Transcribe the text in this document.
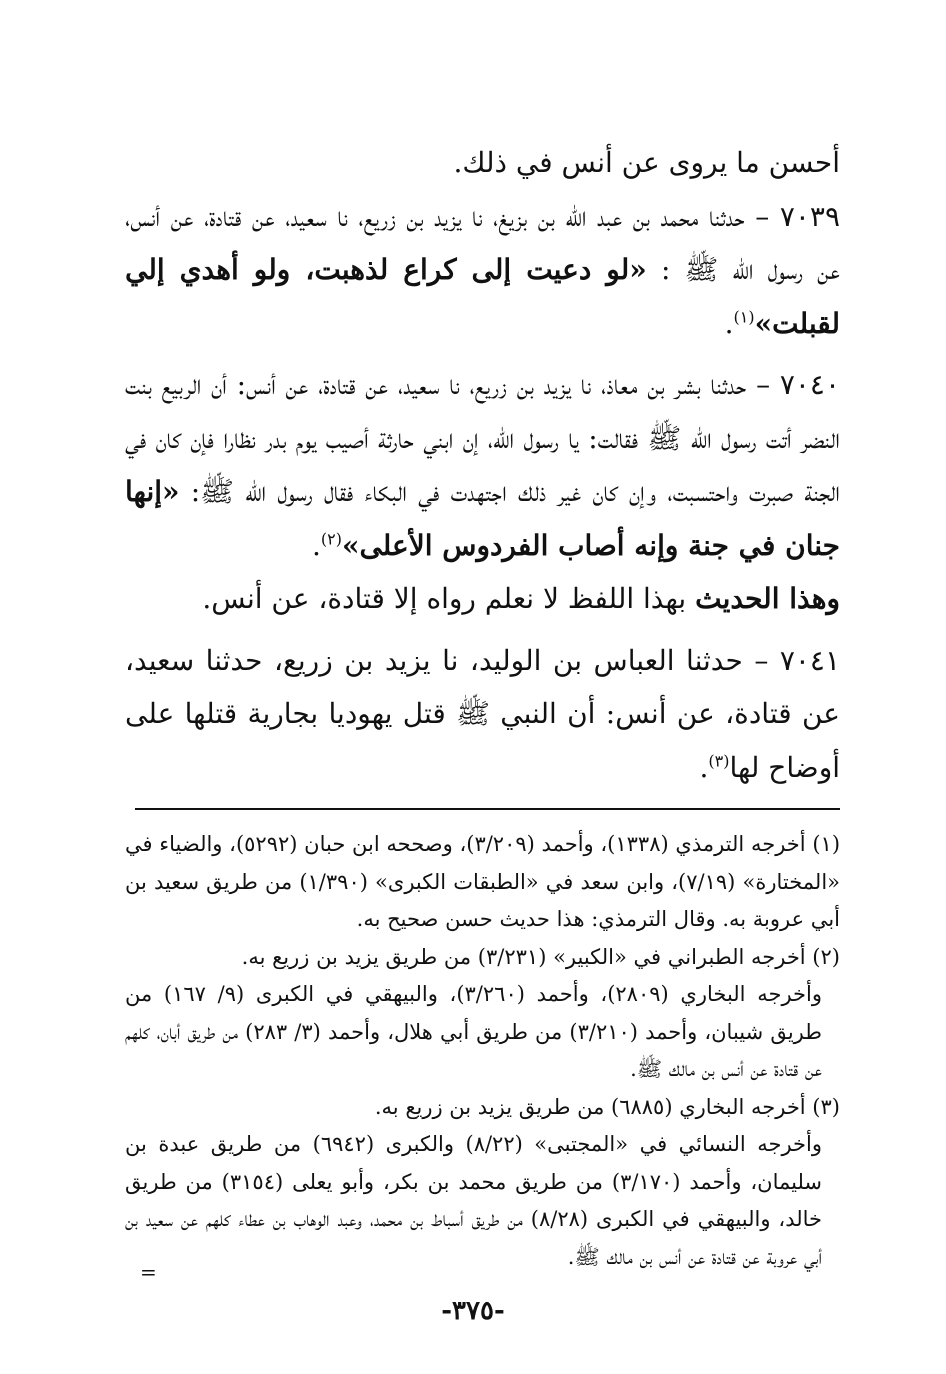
أحسن ما يروى عن أنس في ذلك.

٧٠٣٩ – حدثنا محمد بن عبد الله بن بزيغ، نا يزيد بن زريع، نا سعيد، عن قتادة، عن أنس، عن رسول الله ﷺ : «لو دعيت إلى كراع لذهبت، ولو أهدي إلي لقبلت»$^{(١)}$.

٧٠٤٠ – حدثنا بشر بن معاذ، نا يزيد بن زريع، نا سعيد، عن قتادة، عن أنس: أن الربيع بنت النضر أتت رسول الله ﷺ فقالت: يا رسول الله، إن ابني حارثة أصيب يوم بدر نظارا فإن كان في الجنة صبرت واحتسبت، وإن كان غير ذلك اجتهدت في البكاء فقال رسول الله ﷺ: «إنها جنان في جنة وإنه أصاب الفردوس الأعلى»$^{(٢)}$.

وهذا الحديث بهذا اللفظ لا نعلم رواه إلا قتادة، عن أنس.

٧٠٤١ – حدثنا العباس بن الوليد، نا يزيد بن زريع، حدثنا سعيد، عن قتادة، عن أنس: أن النبي ﷺ قتل يهوديا بجارية قتلها على أوضاح لها$^{(٣)}$.

(١) أخرجه الترمذي (١٣٣٨)، وأحمد (٣/٢٠٩)، وصححه ابن حبان (٥٢٩٢)، والضياء في «المختارة» (٧/١٩)، وابن سعد في «الطبقات الكبرى» (١/٣٩٠) من طريق سعيد بن أبي عروبة به. وقال الترمذي: هذا حديث حسن صحيح به.

(٢) أخرجه الطبراني في «الكبير» (٣/٢٣١) من طريق يزيد بن زريع به.

وأخرجه البخاري (٢٨٠٩)، وأحمد (٣/٢٦٠)، والبيهقي في الكبرى (٩/ ١٦٧) من طريق شيبان، وأحمد (٣/٢١٠) من طريق أبي هلال، وأحمد (٣/ ٢٨٣) من طريق أبان، كلهم عن قتادة عن أنس بن مالك ﷺ.

(٣) أخرجه البخاري (٦٨٨٥) من طريق يزيد بن زريع به.

وأخرجه النسائي في «المجتبى» (٨/٢٢) والكبرى (٦٩٤٢) من طريق عبدة بن سليمان، وأحمد (٣/١٧٠) من طريق محمد بن بكر، وأبو يعلى (٣١٥٤) من طريق خالد، والبيهقي في الكبرى (٨/٢٨) من طريق أسباط بن محمد، وعبد الوهاب بن عطاء كلهم عن سعيد بن أبي عروبة عن قتادة عن أنس بن مالك ﷺ.

=
-٣٧٥-
